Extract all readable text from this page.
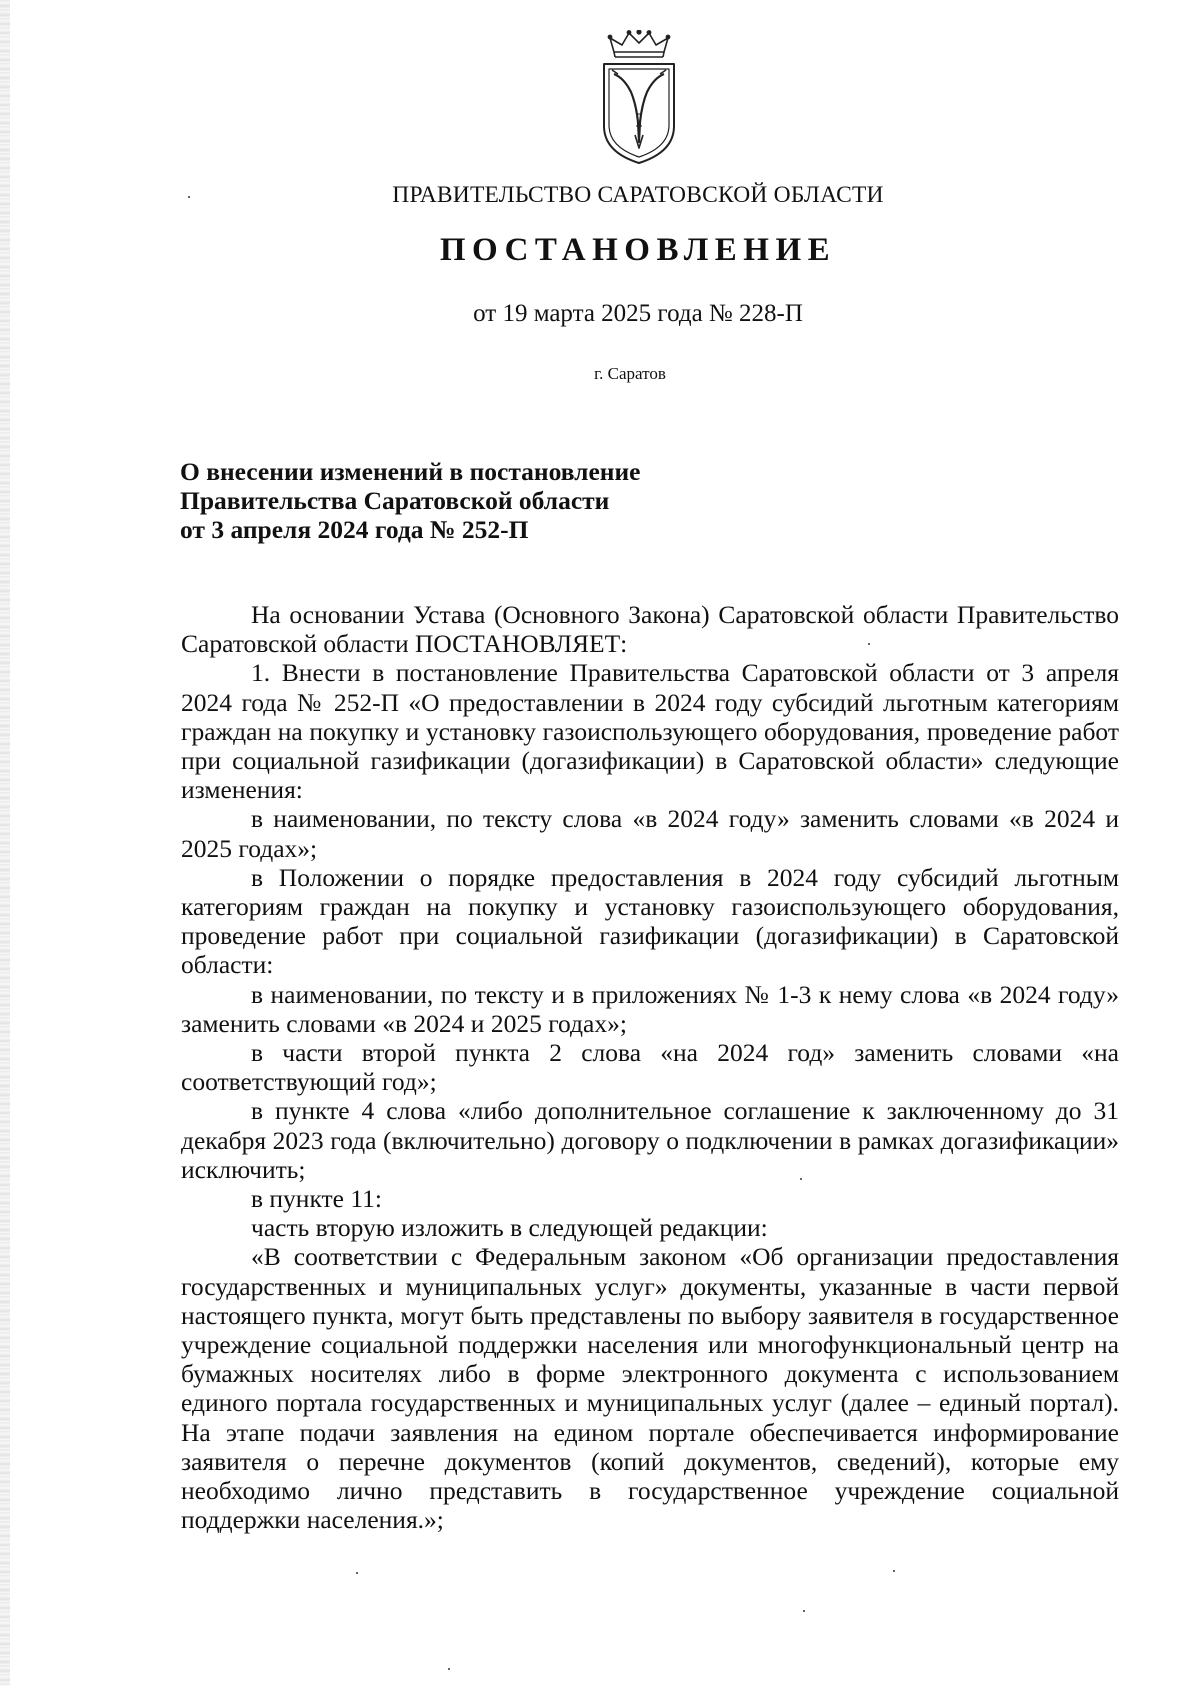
ПРАВИТЕЛЬСТВО САРАТОВСКОЙ ОБЛАСТИ
ПОСТАНОВЛЕНИЕ
от 19 марта 2025 года № 228-П
г. Саратов
О внесении изменений в постановление
Правительства Саратовской области
от 3 апреля 2024 года № 252-П

На основании Устава (Основного Закона) Саратовской области Правительство Саратовской области ПОСТАНОВЛЯЕТ:

1. Внести в постановление Правительства Саратовской области от 3 апреля 2024 года № 252-П «О предоставлении в 2024 году субсидий льготным категориям граждан на покупку и установку газоиспользующего оборудования, проведение работ при социальной газификации (догазификации) в Саратовской области» следующие изменения:

в наименовании, по тексту слова «в 2024 году» заменить словами «в 2024 и 2025 годах»;

в Положении о порядке предоставления в 2024 году субсидий льготным категориям граждан на покупку и установку газоиспользующего оборудования, проведение работ при социальной газификации (догазификации) в Саратовской области:

в наименовании, по тексту и в приложениях № 1-3 к нему слова «в 2024 году» заменить словами «в 2024 и 2025 годах»;

в части второй пункта 2 слова «на 2024 год» заменить словами «на соответствующий год»;

в пункте 4 слова «либо дополнительное соглашение к заключенному до 31 декабря 2023 года (включительно) договору о подключении в рамках догазификации» исключить;

в пункте 11:

часть вторую изложить в следующей редакции:

«В соответствии с Федеральным законом «Об организации предоставления государственных и муниципальных услуг» документы, указанные в части первой настоящего пункта, могут быть представлены по выбору заявителя в государственное учреждение социальной поддержки населения или многофункциональный центр на бумажных носителях либо в форме электронного документа с использованием единого портала государственных и муниципальных услуг (далее – единый портал). На этапе подачи заявления на едином портале обеспечивается информирование заявителя о перечне документов (копий документов, сведений), которые ему необходимо лично представить в государственное учреждение социальной поддержки населения.»;
